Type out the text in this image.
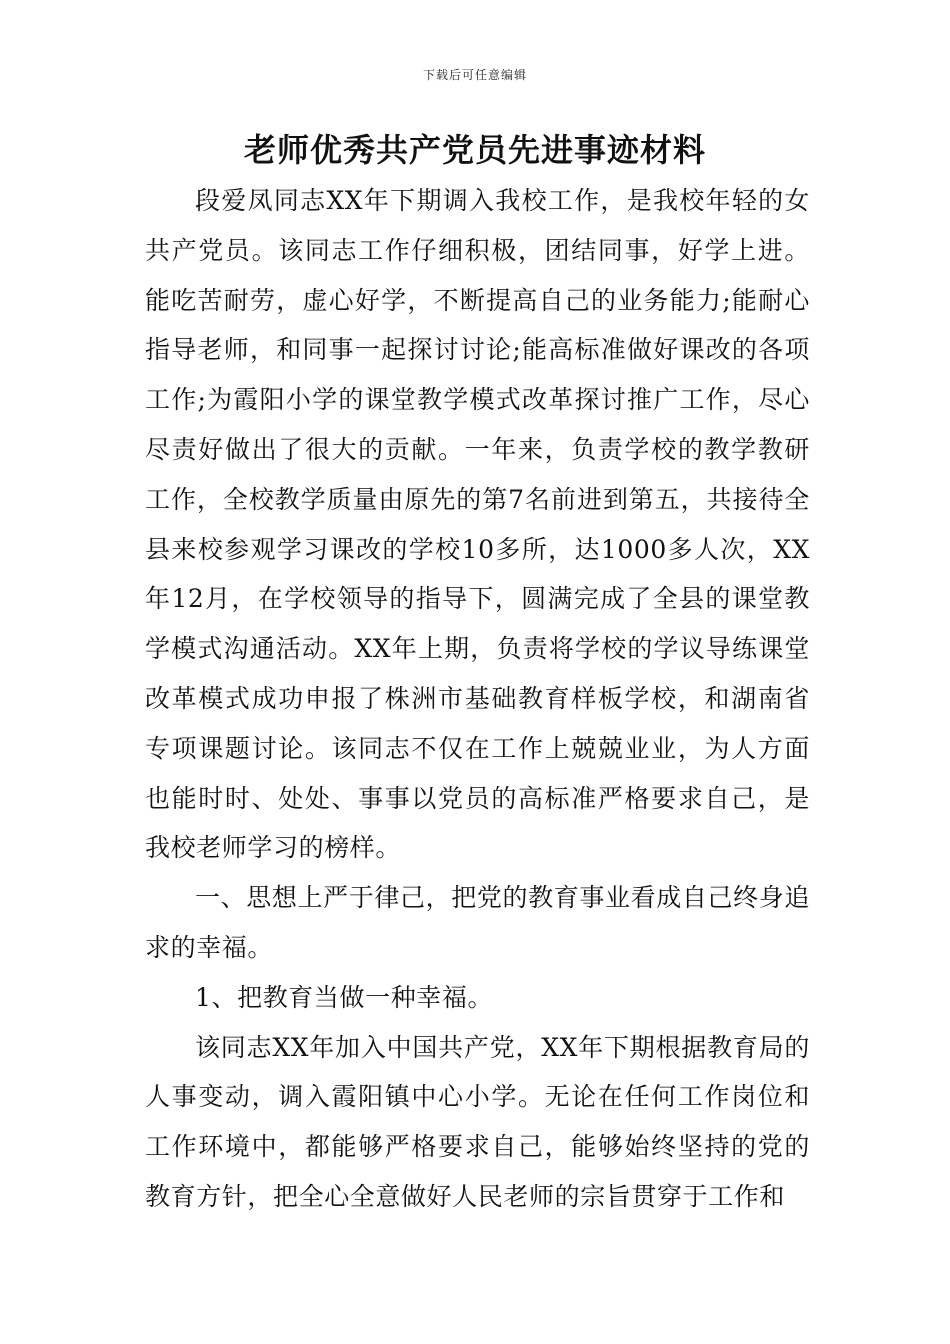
下载后可任意编辑
老师优秀共产党员先进事迹材料

段爱凤同志XX年下期调入我校工作，是我校年轻的女共产党员。该同志工作仔细积极，团结同事，好学上进。能吃苦耐劳，虚心好学，不断提高自己的业务能力;能耐心指导老师，和同事一起探讨讨论;能高标准做好课改的各项工作;为霞阳小学的课堂教学模式改革探讨推广工作，尽心尽责好做出了很大的贡献。一年来，负责学校的教学教研工作，全校教学质量由原先的第7名前进到第五，共接待全县来校参观学习课改的学校10多所，达1000多人次，XX年12月，在学校领导的指导下，圆满完成了全县的课堂教学模式沟通活动。XX年上期，负责将学校的学议导练课堂改革模式成功申报了株洲市基础教育样板学校，和湖南省专项课题讨论。该同志不仅在工作上兢兢业业，为人方面也能时时、处处、事事以党员的高标准严格要求自己，是我校老师学习的榜样。

一、思想上严于律己，把党的教育事业看成自己终身追求的幸福。

1、把教育当做一种幸福。

该同志XX年加入中国共产党，XX年下期根据教育局的人事变动，调入霞阳镇中心小学。无论在任何工作岗位和工作环境中，都能够严格要求自己，能够始终坚持的党的教育方针，把全心全意做好人民老师的宗旨贯穿于工作和
